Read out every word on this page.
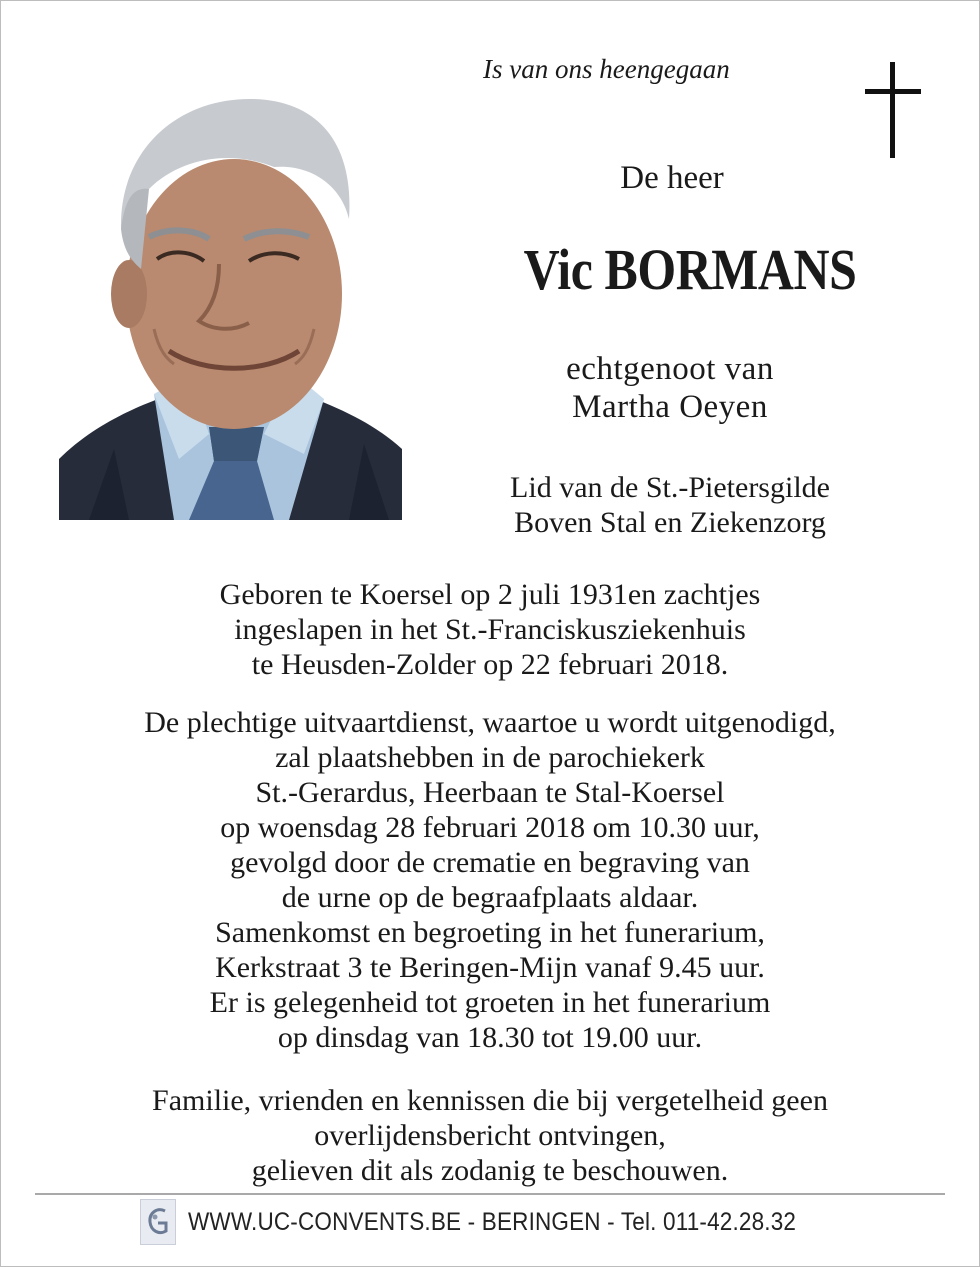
Is van ons heengegaan
De heer
Vic BORMANS
echtgenoot van
Martha Oeyen
Lid van de St.-Pietersgilde
Boven Stal en Ziekenzorg
Geboren te Koersel op 2 juli 1931en zachtjes
ingeslapen in het St.-Franciskusziekenhuis
te Heusden-Zolder op 22 februari 2018.
De plechtige uitvaartdienst, waartoe u wordt uitgenodigd,
zal plaatshebben in de parochiekerk
St.-Gerardus, Heerbaan te Stal-Koersel
op woensdag 28 februari 2018 om 10.30 uur,
gevolgd door de crematie en begraving van
de urne op de begraafplaats aldaar.
Samenkomst en begroeting in het funerarium,
Kerkstraat 3 te Beringen-Mijn vanaf 9.45 uur.
Er is gelegenheid tot groeten in het funerarium
op dinsdag van 18.30 tot 19.00 uur.
Familie, vrienden en kennissen die bij vergetelheid geen
overlijdensbericht ontvingen,
gelieven dit als zodanig te beschouwen.
WWW.UC-CONVENTS.BE - BERINGEN - Tel. 011-42.28.32
